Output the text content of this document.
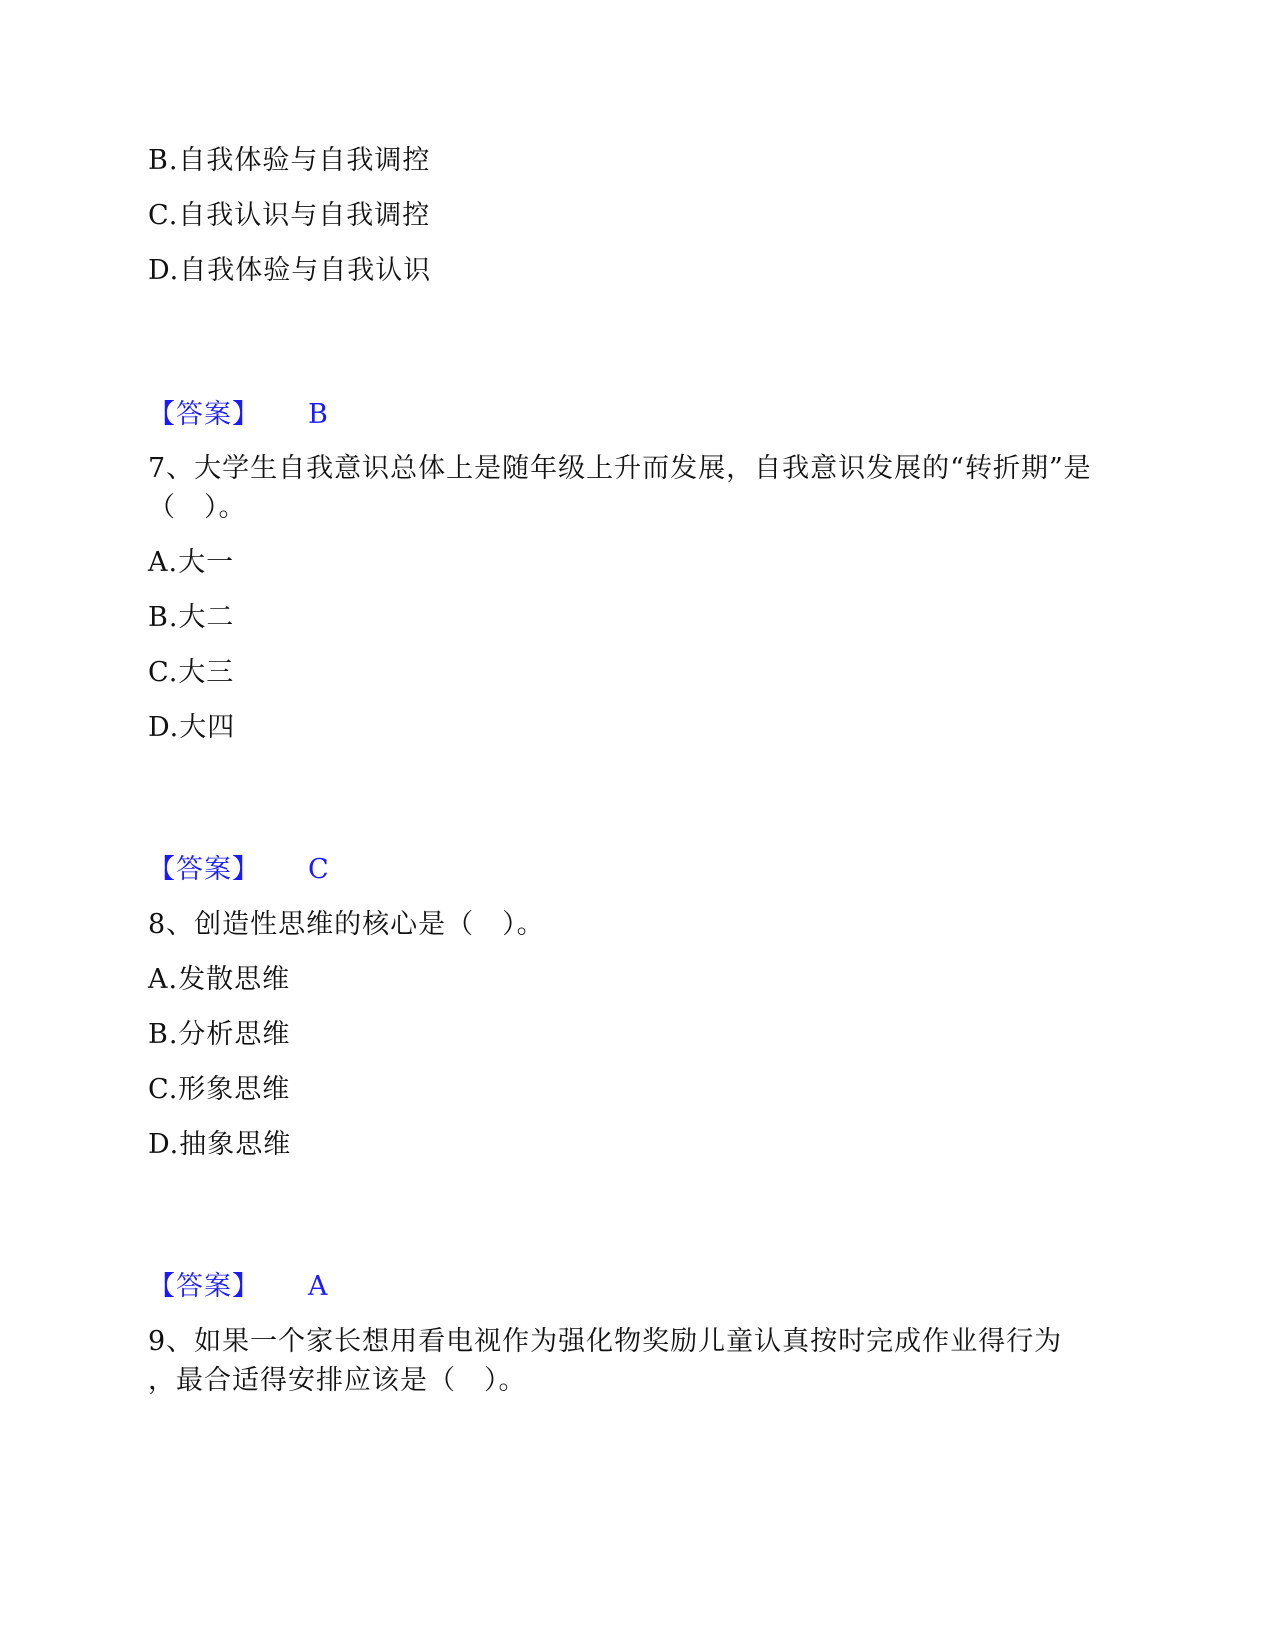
B.自我体验与自我调控
C.自我认识与自我调控
D.自我体验与自我认识
【答案】 B
7、大学生自我意识总体上是随年级上升而发展，自我意识发展的“转折期”是
（　）。
A.大一
B.大二
C.大三
D.大四
【答案】 C
8、创造性思维的核心是（　）。
A.发散思维
B.分析思维
C.形象思维
D.抽象思维
【答案】 A
9、如果一个家长想用看电视作为强化物奖励儿童认真按时完成作业得行为
，最合适得安排应该是（　）。
